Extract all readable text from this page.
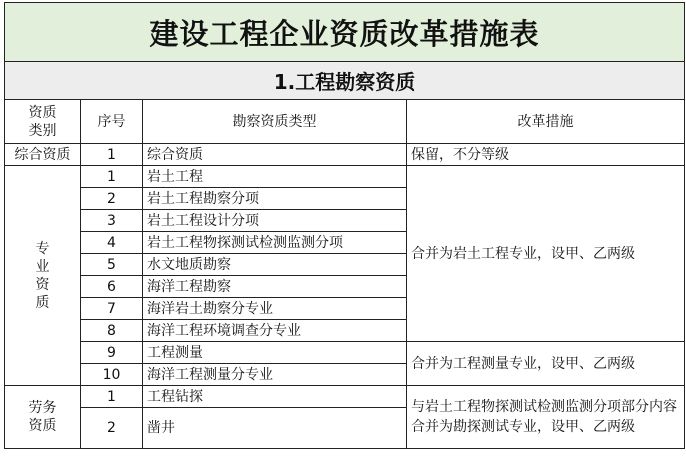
建设工程企业资质改革措施表			
1.工程勘察资质			

资质
类别	序号	勘察资质类型	改革措施
综合资质	1	综合资质	保留，不分等级

专
业
资
质	1	岩土工程	合并为岩土工程专业，设甲、乙两级
	2	岩土工程勘察分项	
	3	岩土工程设计分项	
	4	岩土工程物探测试检测监测分项	
	5	水文地质勘察	
	6	海洋工程勘察	
	7	海洋岩土勘察分专业	
	8	海洋工程环境调查分专业	
	9	工程测量	合并为工程测量专业，设甲、乙两级
	10	海洋工程测量分专业	

劳务
资质	1	工程钻探	与岩土工程物探测试检测监测分项部分内容合并为勘探测试专业，设甲、乙两级
	2	凿井	
